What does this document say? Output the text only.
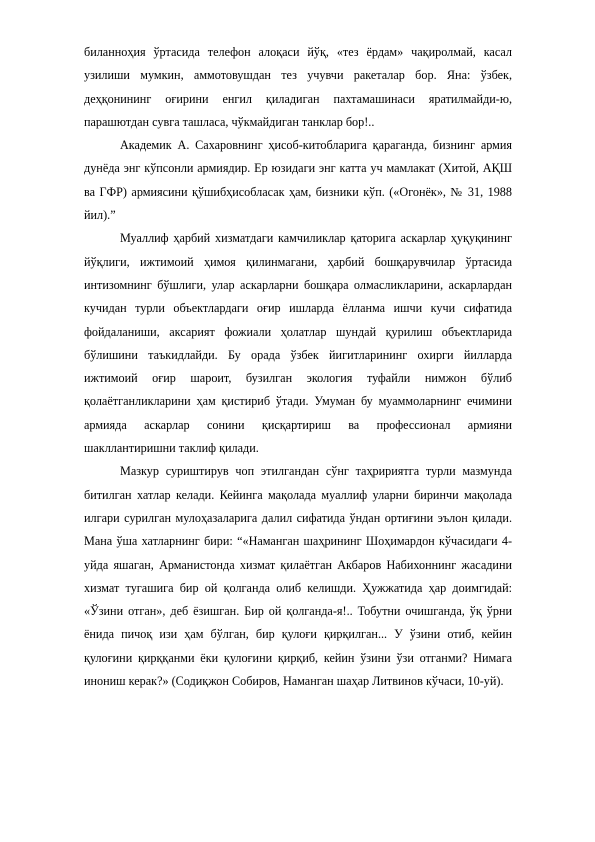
биланноҳия ўртасида телефон алоқаси йўқ, «тез ёрдам» чақиролмай, касал узилиши мумкин, аммотовушдан тез учувчи ракеталар бор. Яна: ўзбек, деҳқонининг оғирини енгил қиладиган пахтамашинаси яратилмайди-ю, парашютдан сувга ташласа, чўкмайдиган танклар бор!..

Академик А. Сахаровнинг ҳисоб-китобларига қараганда, бизнинг армия дунёда энг кўпсонли армиядир. Ер юзидаги энг катта уч мамлакат (Хитой, АҚШ ва ГФР) армиясини қўшибҳисобласак ҳам, бизники кўп. («Огонёк», № 31, 1988 йил).”

Муаллиф ҳарбий хизматдаги камчиликлар қаторига аскарлар ҳуқуқининг йўқлиги, ижтимоий ҳимоя қилинмагани, ҳарбий бошқарувчилар ўртасида интизомнинг бўшлиги, улар аскарларни бошқара олмасликларини, аскарлардан кучидан турли объектлардаги оғир ишларда ёлланма ишчи кучи сифатида фойдаланиши, аксарият фожиали ҳолатлар шундай қурилиш объектларида бўлишини таъкидлайди. Бу орада ўзбек йигитларининг охирги йилларда ижтимоий оғир шароит, бузилган экология туфайли нимжон бўлиб қолаётганликларини ҳам қистириб ўтади. Умуман бу муаммоларнинг ечимини армияда аскарлар сонини қисқартириш ва профессионал армияни шакллантиришни таклиф қилади.

Мазкур суриштирув чоп этилгандан сўнг таҳририятга турли мазмунда битилган хатлар келади. Кейинга мақолада муаллиф уларни биринчи мақолада илгари сурилган мулоҳазаларига далил сифатида ўндан ортиғини эълон қилади. Мана ўша хатларнинг бири: “«Наманган шаҳрининг Шоҳимардон кўчасидаги 4-уйда яшаган, Арманистонда хизмат қилаётган Акбаров Набихоннинг жасадини хизмат тугашига бир ой қолганда олиб келишди. Ҳужжатида ҳар доимгидай: «Ўзини отган», деб ёзишган. Бир ой қолганда-я!.. Тобутни очишганда, ўқ ўрни ёнида пичоқ изи ҳам бўлган, бир қулоғи қирқилган... У ўзини отиб, кейин қулоғини қирққанми ёки қулоғини қирқиб, кейин ўзини ўзи отганми? Нимага инониш керак?» (Содиқжон Собиров, Наманган шаҳар Литвинов кўчаси, 10-уй).
